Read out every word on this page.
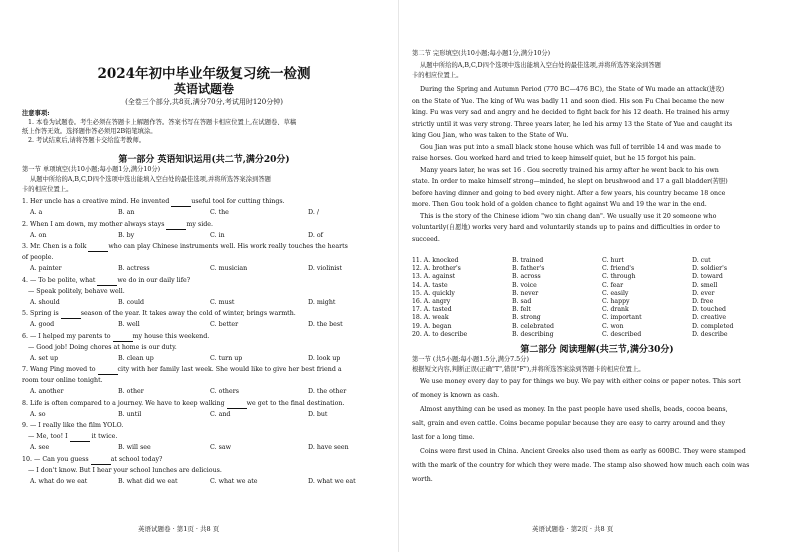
2024年初中毕业年级复习统一检测
英语试题卷
(全卷三个部分,共8页,满分70分,考试用时120分钟)
注意事项:
1. 本卷为试题卷。考生必须在答题卡上解题作答。答案书写在答题卡相应位置上,在试题卷、草稿
纸上作答无效。选择题作答必须用2B铅笔填涂。
2. 考试结束后,请将答题卡交给监考教师。
第一部分 英语知识运用(共二节,满分20分)
第一节 单项填空(共10小题;每小题1分,满分10分)
从题中所给的A,B,C,D四个选项中选出能填入空白处的最佳选项,并将所选答案涂到答题
卡的相应位置上。
1. Her uncle has a creative mind. He invented	useful tool for cutting things.
A. a	B. an	C. the	D. /
2. When I am down, my mother always stays	my side.
A. on	B. by	C. in	D. of
3. Mr. Chen is a folk	who can play Chinese instruments well. His work really touches the hearts
of people.
A. painter	B. actress	C. musician	D. violinist
4. — To be polite, what	we do in our daily life?
— Speak politely, behave well.
A. should	B. could	C. must	D. might
5. Spring is	season of the year. It takes away the cold of winter, brings warmth.
A. good	B. well	C. better	D. the best
6. — I helped my parents to	my house this weekend.
— Good job! Doing chores at home is our duty.
A. set up	B. clean up	C. turn up	D. look up
7. Wang Ping moved to	city with her family last week. She would like to give her best friend a
room tour online tonight.
A. another	B. other	C. others	D. the other
8. Life is often compared to a journey. We have to keep walking	we get to the final destination.
A. so	B. until	C. and	D. but
9. — I really like the film YOLO.
— Me, too! I	it twice.
A. see	B. will see	C. saw	D. have seen
10. — Can you guess	at school today?
— I don't know. But I hear your school lunches are delicious.
A. what do we eat	B. what did we eat	C. what we ate	D. what we eat
英语试题卷 · 第1页 · 共8 页
第二节 完形填空(共10小题;每小题1分,满分10分)
从题中所给的A,B,C,D四个选项中选出能填入空白处的最佳选项,并将所选答案涂到答题
卡的相应位置上。
During the Spring and Autumn Period (770 BC—476 BC), the State of Wu made an attack(进攻)
on the State of Yue. The king of Wu was badly 11 and soon died. His son Fu Chai became the new
king. Fu was very sad and angry and he decided to fight back for his 12 death. He trained his army
strictly until it was very strong. Three years later, he led his army 13 the State of Yue and caught its
king Gou Jian, who was taken to the State of Wu.
Gou Jian was put into a small black stone house which was full of terrible 14 and was made to
raise horses. Gou worked hard and tried to keep himself quiet, but he 15 forgot his pain.
Many years later, he was set 16 . Gou secretly trained his army after he went back to his own
state. In order to make himself strong—minded, he slept on brushwood and 17 a gall bladder(苦胆)
before having dinner and going to bed every night. After a few years, his country became 18 once
more. Then Gou took hold of a golden chance to fight against Wu and 19 the war in the end.
This is the story of the Chinese idiom "wo xin chang dan". We usually use it 20 someone who
voluntarily(自愿地) works very hard and voluntarily stands up to pains and difficulties in order to
succeed.
11. A. knocked	B. trained	C. hurt	D. cut
12. A. brother's	B. father's	C. friend's	D. soldier's
13. A. against	B. across	C. through	D. toward
14. A. taste	B. voice	C. fear	D. smell
15. A. quickly	B. never	C. easily	D. ever
16. A. angry	B. sad	C. happy	D. free
17. A. tasted	B. felt	C. drank	D. touched
18. A. weak	B. strong	C. important	D. creative
19. A. began	B. celebrated	C. won	D. completed
20. A. to describe	B. describing	C. described	D. describe
第二部分 阅读理解(共三节,满分30分)
第一节 (共5小题;每小题1.5分,满分7.5分)
根据短文内容,判断正误(正确"T",错误"F"),并将所选答案涂到答题卡的相应位置上。
We use money every day to pay for things we buy. We pay with either coins or paper notes. This sort
of money is known as cash.
Almost anything can be used as money. In the past people have used shells, beads, cocoa beans,
salt, grain and even cattle. Coins became popular because they are easy to carry around and they
last for a long time.
Coins were first used in China. Ancient Greeks also used them as early as 600BC. They were stamped
with the mark of the country for which they were made. The stamp also showed how much each coin was
worth.
英语试题卷 · 第2页 · 共8 页
